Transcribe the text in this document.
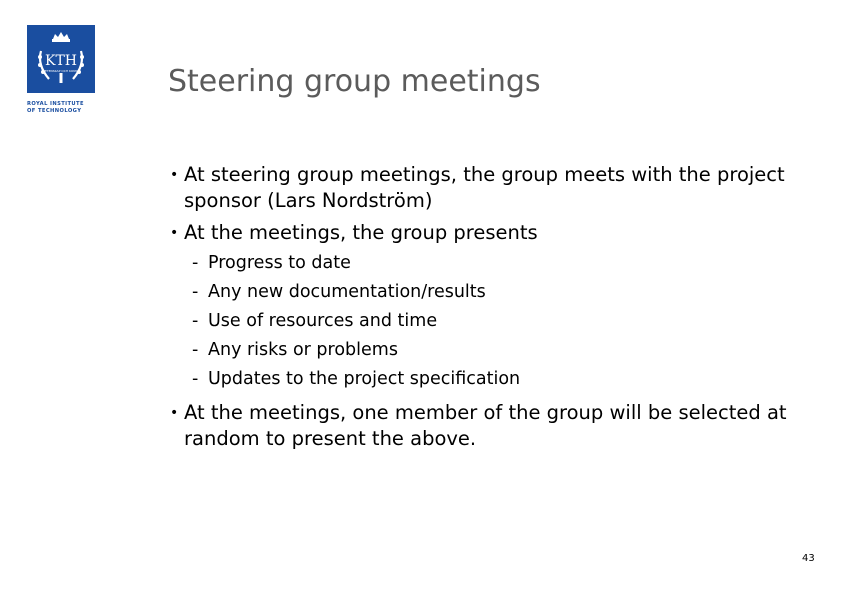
KTH
VETENSKAP OCH KONST
ROYAL INSTITUTE
OF TECHNOLOGY
Steering group meetings
• At steering group meetings, the group meets with the project sponsor (Lars Nordström)
• At the meetings, the group presents
- Progress to date
- Any new documentation/results
- Use of resources and time
- Any risks or problems
- Updates to the project specification
• At the meetings, one member of the group will be selected at random to present the above.
43
